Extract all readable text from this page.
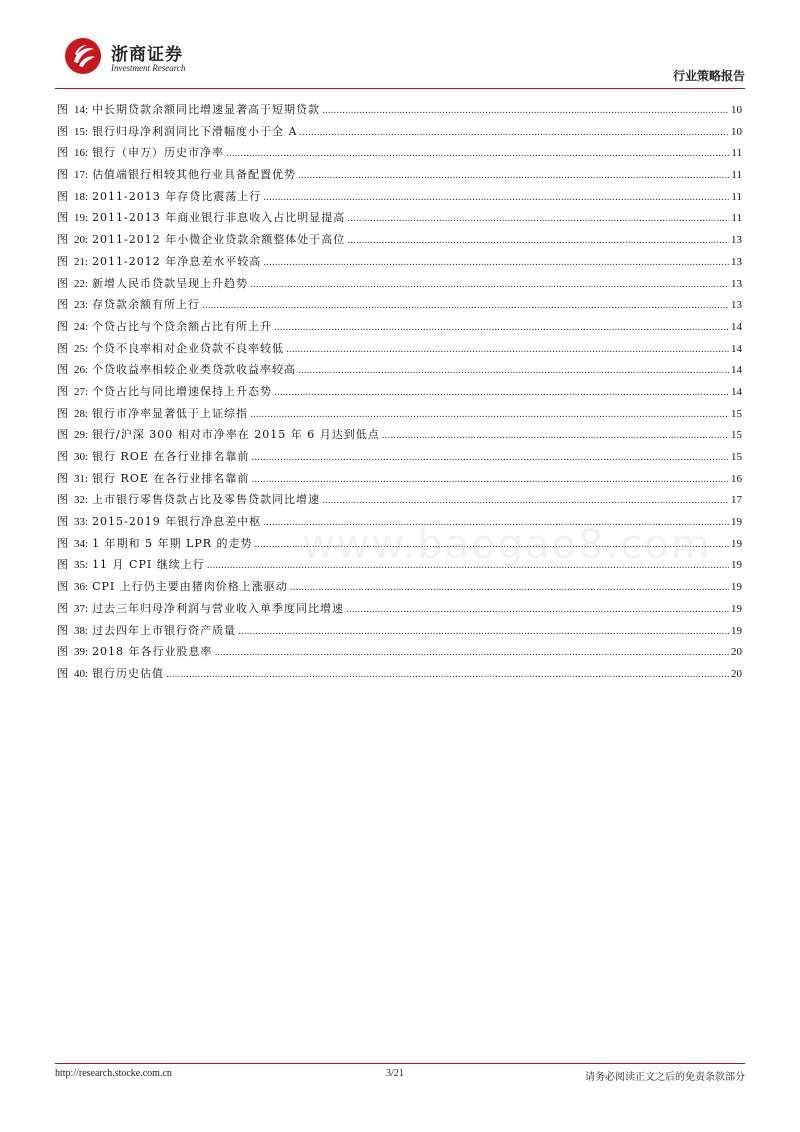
浙商证券
Investment Research
行业策略报告
图 14: 中长期贷款余额同比增速显著高于短期贷款 .....	10
图 15: 银行归母净利润同比下滑幅度小于全 A .....	10
图 16: 银行（申万）历史市净率 .....	11
图 17: 估值端银行相较其他行业具备配置优势 .....	11
图 18: 2011-2013 年存贷比震荡上行 .....	11
图 19: 2011-2013 年商业银行非息收入占比明显提高 .....	11
图 20: 2011-2012 年小微企业贷款余额整体处于高位 .....	13
图 21: 2011-2012 年净息差水平较高 .....	13
图 22: 新增人民币贷款呈现上升趋势 .....	13
图 23: 存贷款余额有所上行 .....	13
图 24: 个贷占比与个贷余额占比有所上升 .....	14
图 25: 个贷不良率相对企业贷款不良率较低 .....	14
图 26: 个贷收益率相较企业类贷款收益率较高 .....	14
图 27: 个贷占比与同比增速保持上升态势 .....	14
图 28: 银行市净率显著低于上证综指 .....	15
图 29: 银行/沪深 300 相对市净率在 2015 年 6 月达到低点 .....	15
图 30: 银行 ROE 在各行业排名靠前 .....	15
图 31: 银行 ROE 在各行业排名靠前 .....	16
图 32: 上市银行零售贷款占比及零售贷款同比增速 .....	17
图 33: 2015-2019 年银行净息差中枢 .....	19
图 34: 1 年期和 5 年期 LPR 的走势 .....	19
图 35: 11 月 CPI 继续上行 .....	19
图 36: CPI 上行仍主要由猪肉价格上涨驱动 .....	19
图 37: 过去三年归母净利润与营业收入单季度同比增速 .....	19
图 38: 过去四年上市银行资产质量 .....	19
图 39: 2018 年各行业股息率 .....	20
图 40: 银行历史估值 .....	20
www.baogao8.com
http://research.stocke.com.cn	3/21	请务必阅读正文之后的免责条款部分
